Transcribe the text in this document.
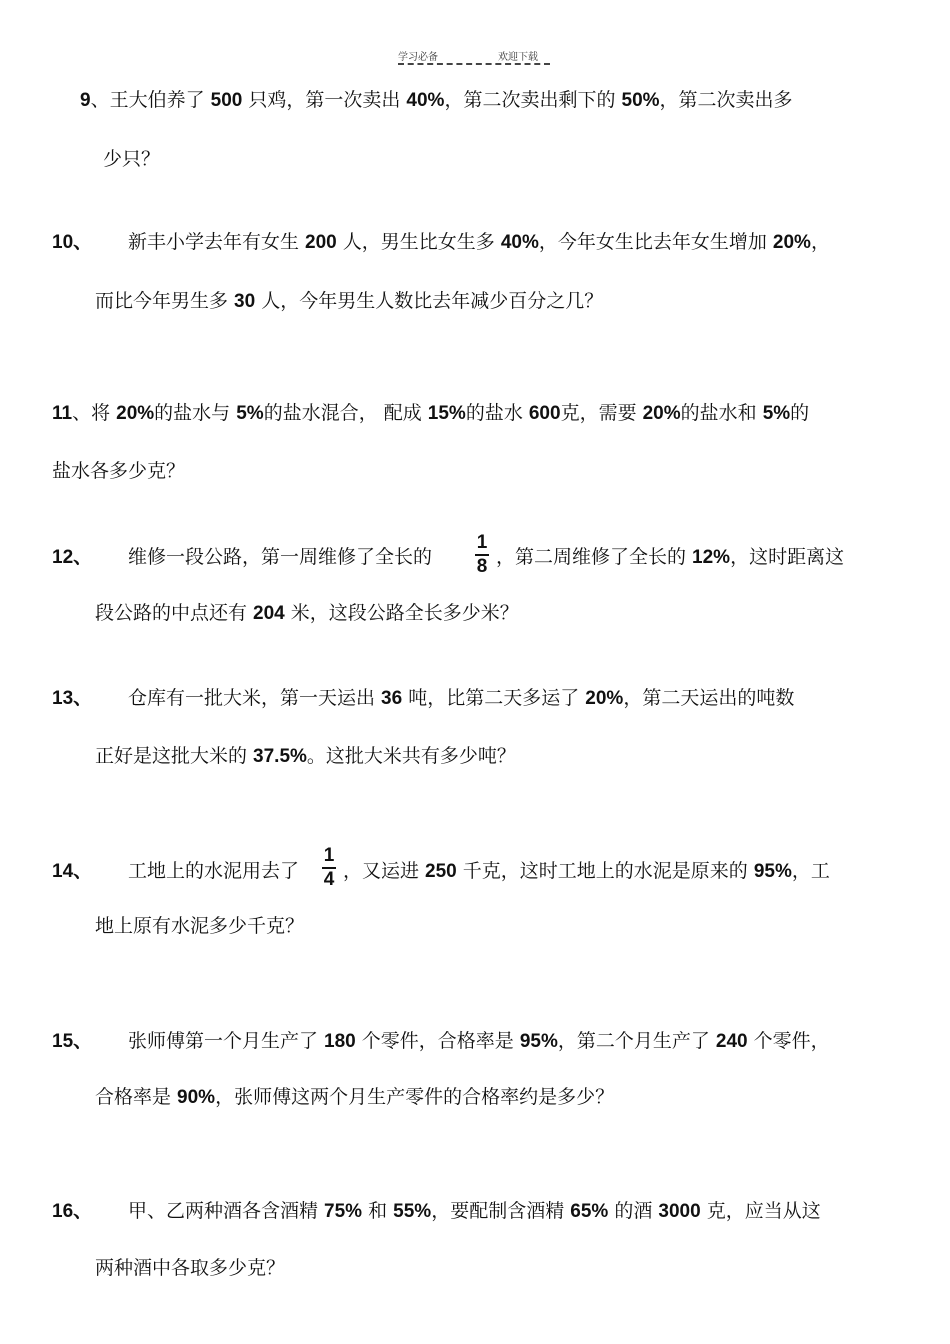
学习必备	欢迎下载
9、王大伯养了 500 只鸡，第一次卖出 40%，第二次卖出剩下的 50%，第二次卖出多
少只？
10、 新丰小学去年有女生 200 人，男生比女生多 40%，今年女生比去年女生增加 20%，
而比今年男生多 30 人，今年男生人数比去年减少百分之几？
11、将 20%的盐水与 5%的盐水混合， 配成 15%的盐水 600克，需要 20%的盐水和 5%的
盐水各多少克？
12、 维修一段公路，第一周维修了全长的
1
8 ，第二周维修了全长的 12%，这时距离这
段公路的中点还有 204 米，这段公路全长多少米？
13、 仓库有一批大米，第一天运出 36 吨，比第二天多运了 20%，第二天运出的吨数
正好是这批大米的 37.5%。这批大米共有多少吨？
14、 工地上的水泥用去了
1
4 ，又运进 250 千克，这时工地上的水泥是原来的 95%，工
地上原有水泥多少千克？
15、 张师傅第一个月生产了 180 个零件，合格率是 95%，第二个月生产了 240 个零件，
合格率是 90%，张师傅这两个月生产零件的合格率约是多少？
16、 甲、乙两种酒各含酒精 75% 和 55%，要配制含酒精 65% 的酒 3000 克，应当从这
两种酒中各取多少克？
